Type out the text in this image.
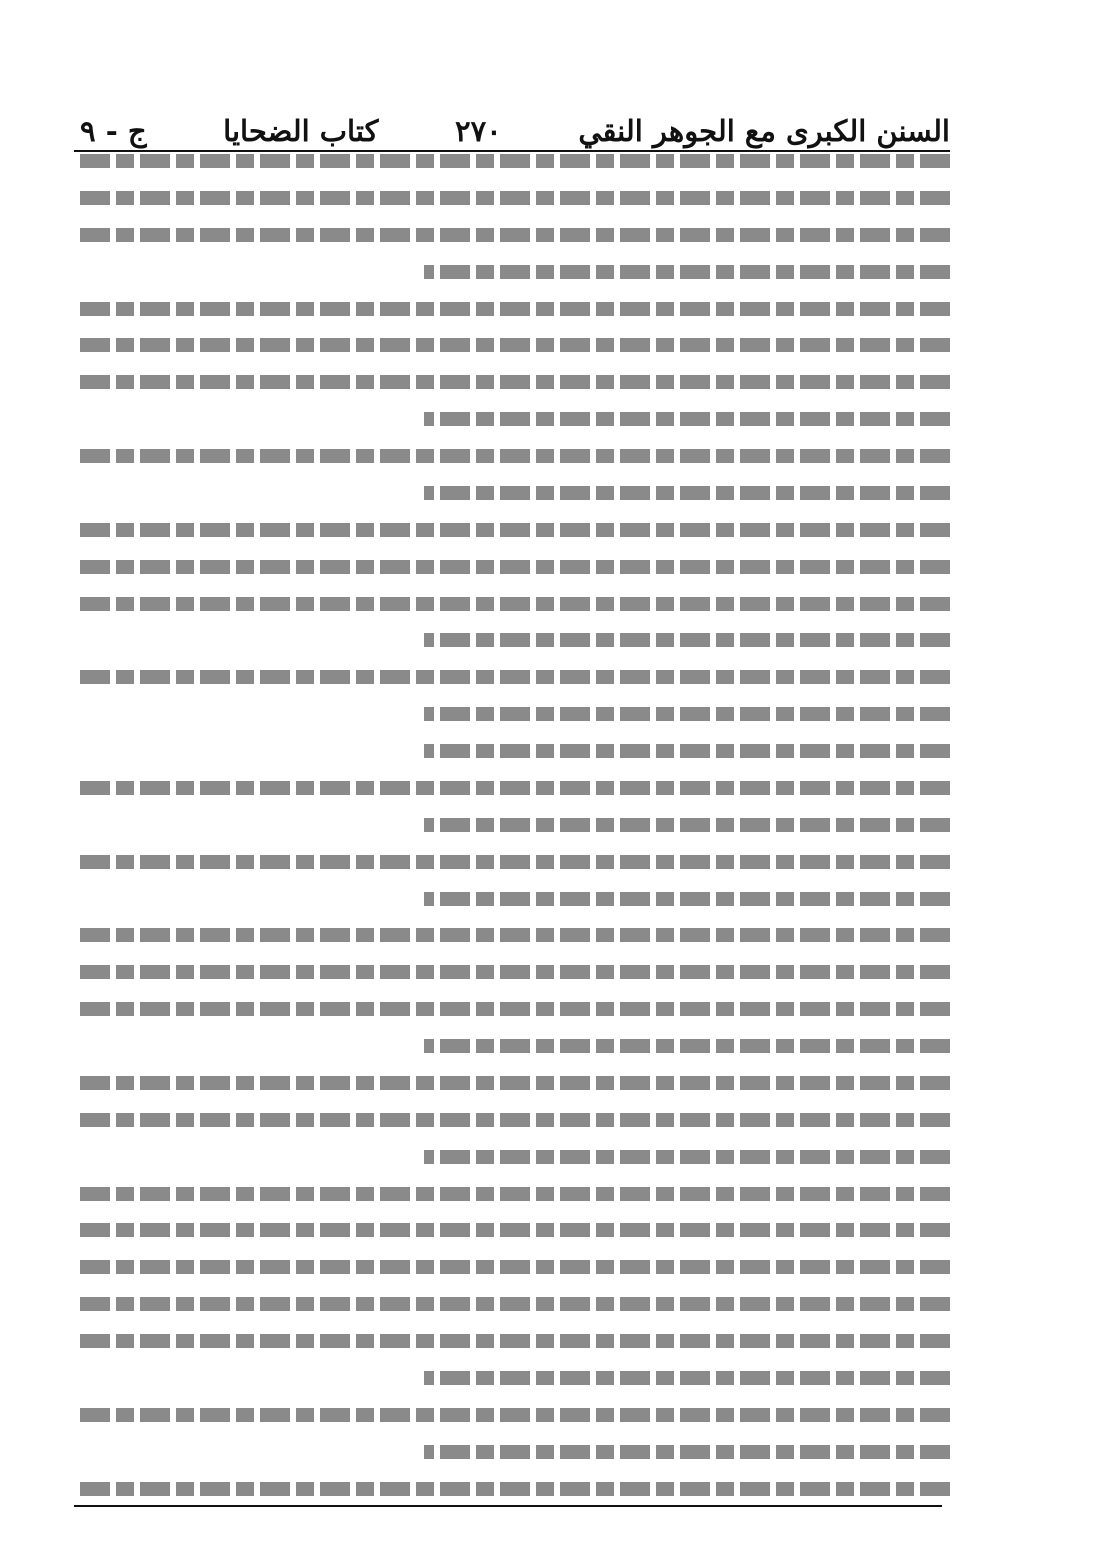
السنن الكبرى مع الجوهر النقي
٢٧٠
كتاب الضحايا
ج - ٩
